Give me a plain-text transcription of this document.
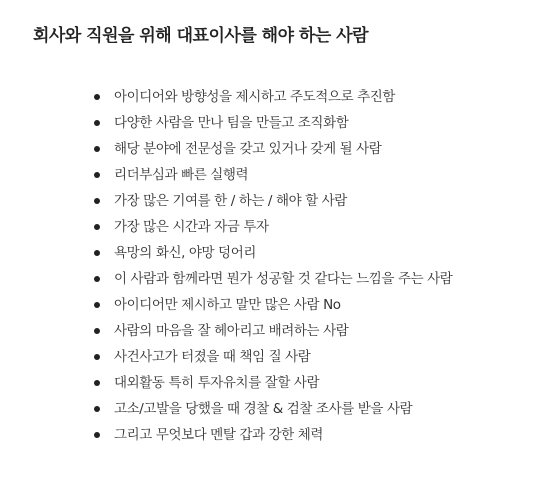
회사와 직원을 위해 대표이사를 해야 하는 사람
아이디어와 방향성을 제시하고 주도적으로 추진함
다양한 사람을 만나 팀을 만들고 조직화함
해당 분야에 전문성을 갖고 있거나 갖게 될 사람
리더부심과 빠른 실행력
가장 많은 기여를 한 / 하는 / 해야 할 사람
가장 많은 시간과 자금 투자
욕망의 화신, 야망 덩어리
이 사람과 함께라면 뭔가 성공할 것 같다는 느낌을 주는 사람
아이디어만 제시하고 말만 많은 사람 No
사람의 마음을 잘 헤아리고 배려하는 사람
사건사고가 터졌을 때 책임 질 사람
대외활동 특히 투자유치를 잘할 사람
고소/고발을 당했을 때 경찰 & 검찰 조사를 받을 사람
그리고 무엇보다 멘탈 갑과 강한 체력
